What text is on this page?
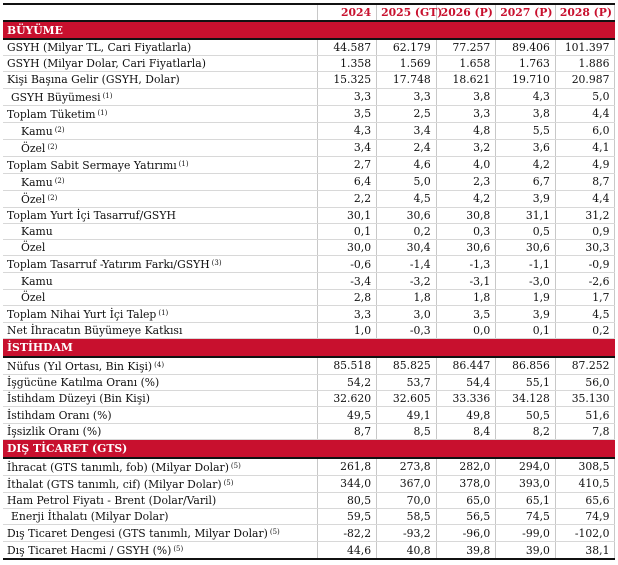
	2024	2025 (GT)	2026 (P)	2027 (P)	2028 (P)
BÜYÜME					
GSYH (Milyar TL, Cari Fiyatlarla)	44.587	62.179	77.257	89.406	101.397
GSYH (Milyar Dolar, Cari Fiyatlarla)	1.358	1.569	1.658	1.763	1.886
Kişi Başına Gelir (GSYH, Dolar)	15.325	17.748	18.621	19.710	20.987
GSYH Büyümesi $^{(1)}$	3,3	3,3	3,8	4,3	5,0
Toplam Tüketim $^{(1)}$	3,5	2,5	3,3	3,8	4,4
Kamu $^{(2)}$	4,3	3,4	4,8	5,5	6,0
Özel $^{(2)}$	3,4	2,4	3,2	3,6	4,1
Toplam Sabit Sermaye Yatırımı $^{(1)}$	2,7	4,6	4,0	4,2	4,9
Kamu $^{(2)}$	6,4	5,0	2,3	6,7	8,7
Özel $^{(2)}$	2,2	4,5	4,2	3,9	4,4
Toplam Yurt İçi Tasarruf/GSYH	30,1	30,6	30,8	31,1	31,2
Kamu	0,1	0,2	0,3	0,5	0,9
Özel	30,0	30,4	30,6	30,6	30,3
Toplam Tasarruf -Yatırım Farkı/GSYH $^{(3)}$	-0,6	-1,4	-1,3	-1,1	-0,9
Kamu	-3,4	-3,2	-3,1	-3,0	-2,6
Özel	2,8	1,8	1,8	1,9	1,7
Toplam Nihai Yurt İçi Talep $^{(1)}$	3,3	3,0	3,5	3,9	4,5
Net İhracatın Büyümeye Katkısı	1,0	-0,3	0,0	0,1	0,2
İSTİHDAM					
Nüfus (Yıl Ortası, Bin Kişi) $^{(4)}$	85.518	85.825	86.447	86.856	87.252
İşgücüne Katılma Oranı (%)	54,2	53,7	54,4	55,1	56,0
İstihdam Düzeyi (Bin Kişi)	32.620	32.605	33.336	34.128	35.130
İstihdam Oranı (%)	49,5	49,1	49,8	50,5	51,6
İşsizlik Oranı (%)	8,7	8,5	8,4	8,2	7,8
DIŞ TİCARET (GTS)					
İhracat (GTS tanımlı, fob) (Milyar Dolar) $^{(5)}$	261,8	273,8	282,0	294,0	308,5
İthalat (GTS tanımlı, cif) (Milyar Dolar) $^{(5)}$	344,0	367,0	378,0	393,0	410,5
Ham Petrol Fiyatı - Brent (Dolar/Varil)	80,5	70,0	65,0	65,1	65,6
Enerji İthalatı (Milyar Dolar)	59,5	58,5	56,5	74,5	74,9
Dış Ticaret Dengesi (GTS tanımlı, Milyar Dolar) $^{(5)}$	-82,2	-93,2	-96,0	-99,0	-102,0
Dış Ticaret Hacmi / GSYH (%) $^{(5)}$	44,6	40,8	39,8	39,0	38,1
